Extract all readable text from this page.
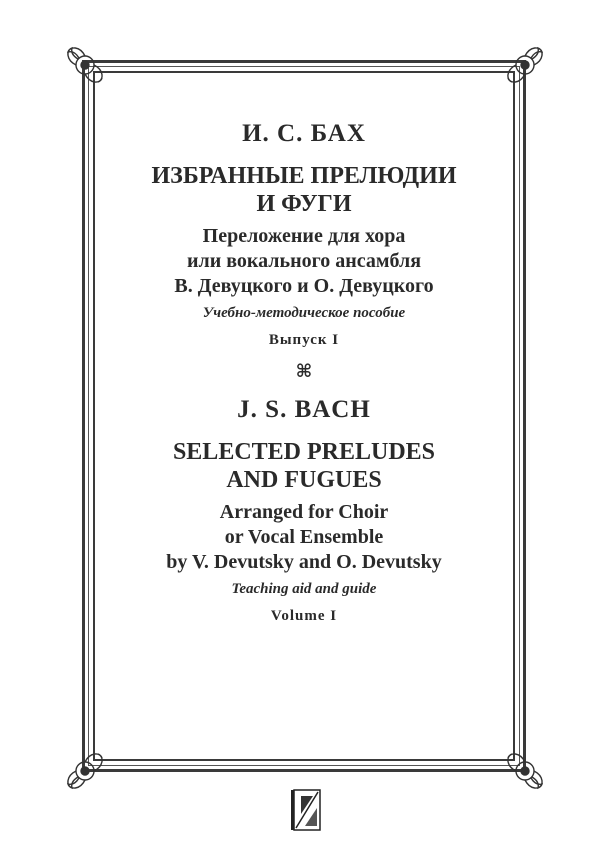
И. С. БАХ

ИЗБРАННЫЕ ПРЕЛЮДИИ

И ФУГИ

Переложение для хора

или вокального ансамбля

В. Девуцкого и О. Девуцкого

Учебно-методическое пособие

Выпуск I

⌘

J. S. BACH

SELECTED PRELUDES

AND FUGUES

Arranged for Choir

or Vocal Ensemble

by V. Devutsky and O. Devutsky

Teaching aid and guide

Volume I
